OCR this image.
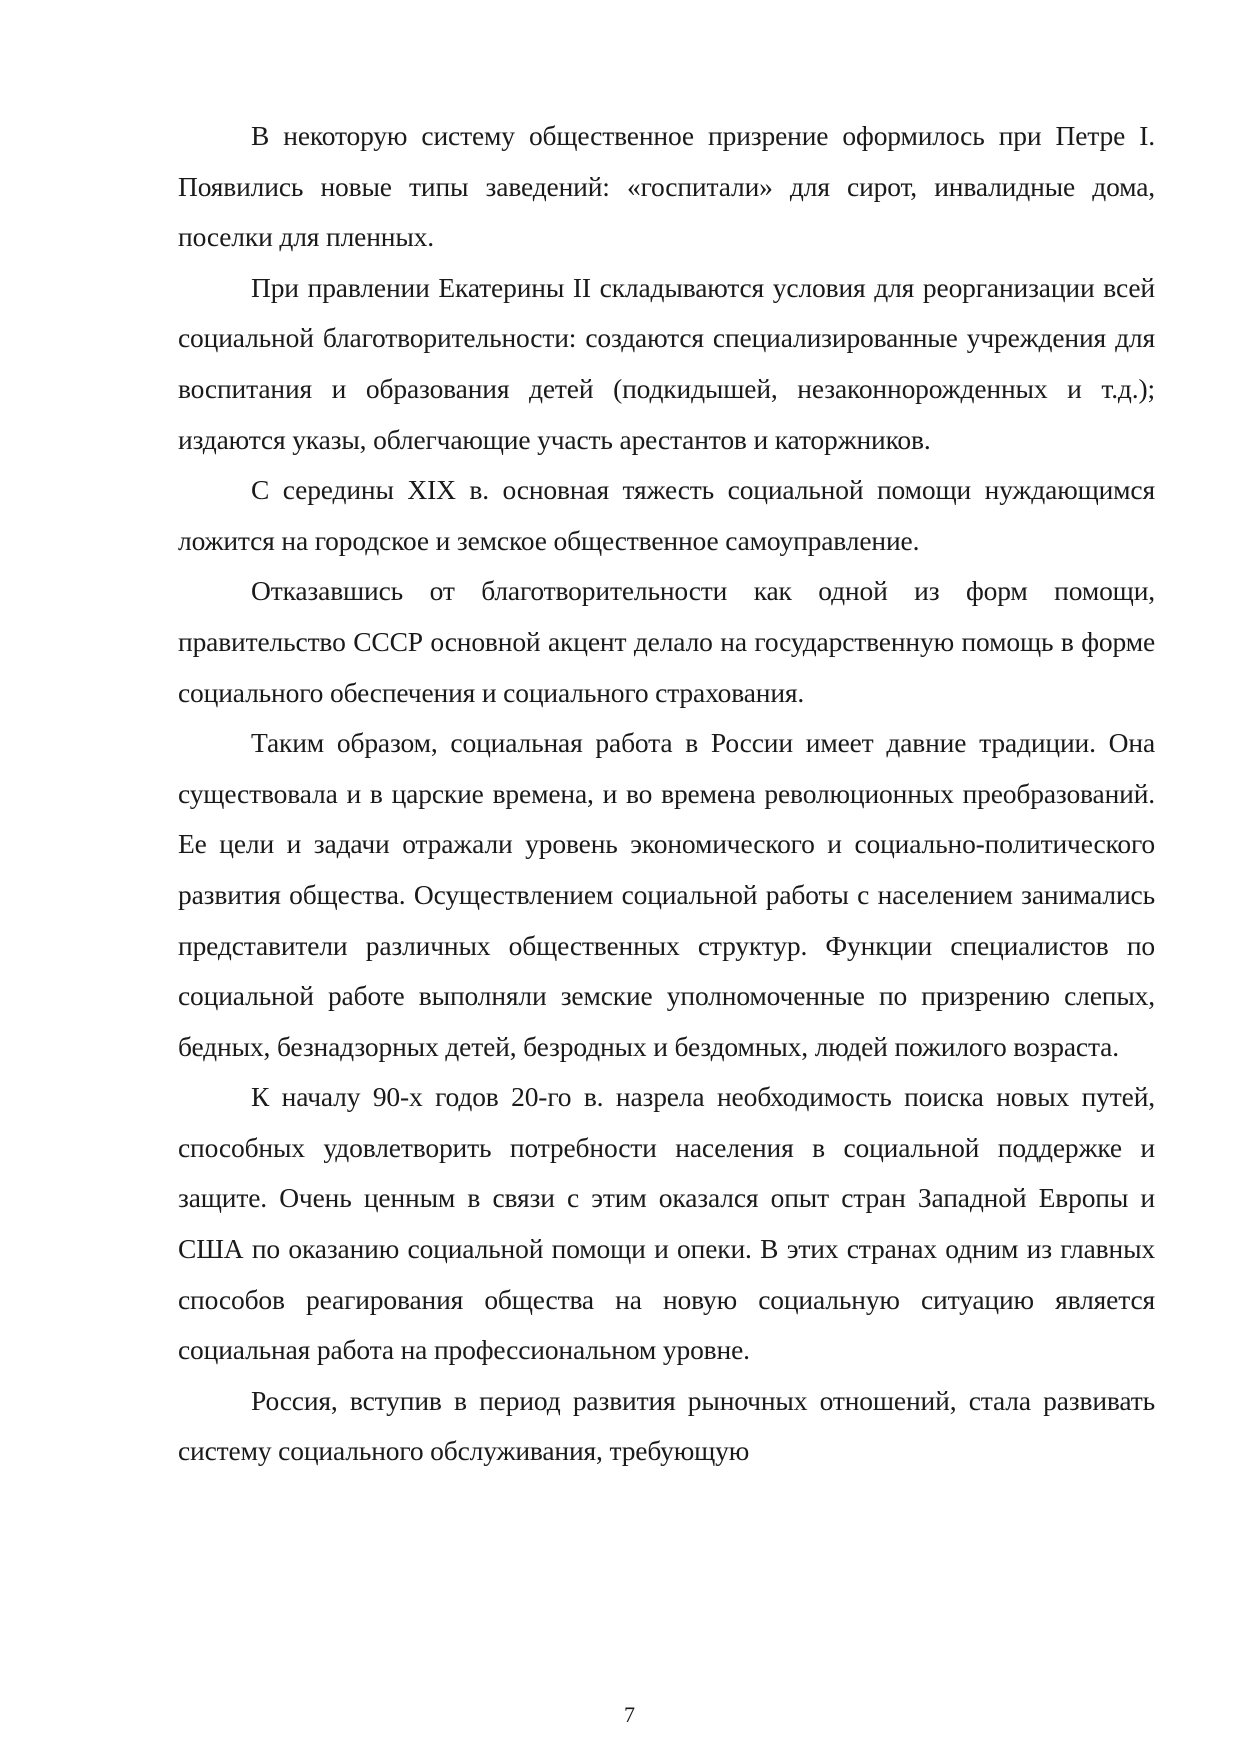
В некоторую систему общественное призрение оформилось при Петре I. Появились новые типы заведений: «госпитали» для сирот, инвалидные дома, поселки для пленных.

При правлении Екатерины II складываются условия для реорганизации всей социальной благотворительности: создаются специализированные учреждения для воспитания и образования детей (подкидышей, незаконнорожденных и т.д.); издаются указы, облегчающие участь арестантов и каторжников.

С середины XIX в. основная тяжесть социальной помощи нуждающимся ложится на городское и земское общественное самоуправление.

Отказавшись от благотворительности как одной из форм помощи, правительство СССР основной акцент делало на государственную помощь в форме социального обеспечения и социального страхования.

Таким образом, социальная работа в России имеет давние традиции. Она существовала и в царские времена, и во времена революционных преобразований. Ее цели и задачи отражали уровень экономического и социально-политического развития общества. Осуществлением социальной работы с населением занимались представители различных общественных структур. Функции специалистов по социальной работе выполняли земские уполномоченные по призрению слепых, бедных, безнадзорных детей, безродных и бездомных, людей пожилого возраста.

К началу 90-х годов 20-го в. назрела необходимость поиска новых путей, способных удовлетворить потребности населения в социальной поддержке и защите. Очень ценным в связи с этим оказался опыт стран Западной Европы и США по оказанию социальной помощи и опеки. В этих странах одним из главных способов реагирования общества на новую социальную ситуацию является социальная работа на профессиональном уровне.

Россия, вступив в период развития рыночных отношений, стала развивать систему социального обслуживания, требующую

7
